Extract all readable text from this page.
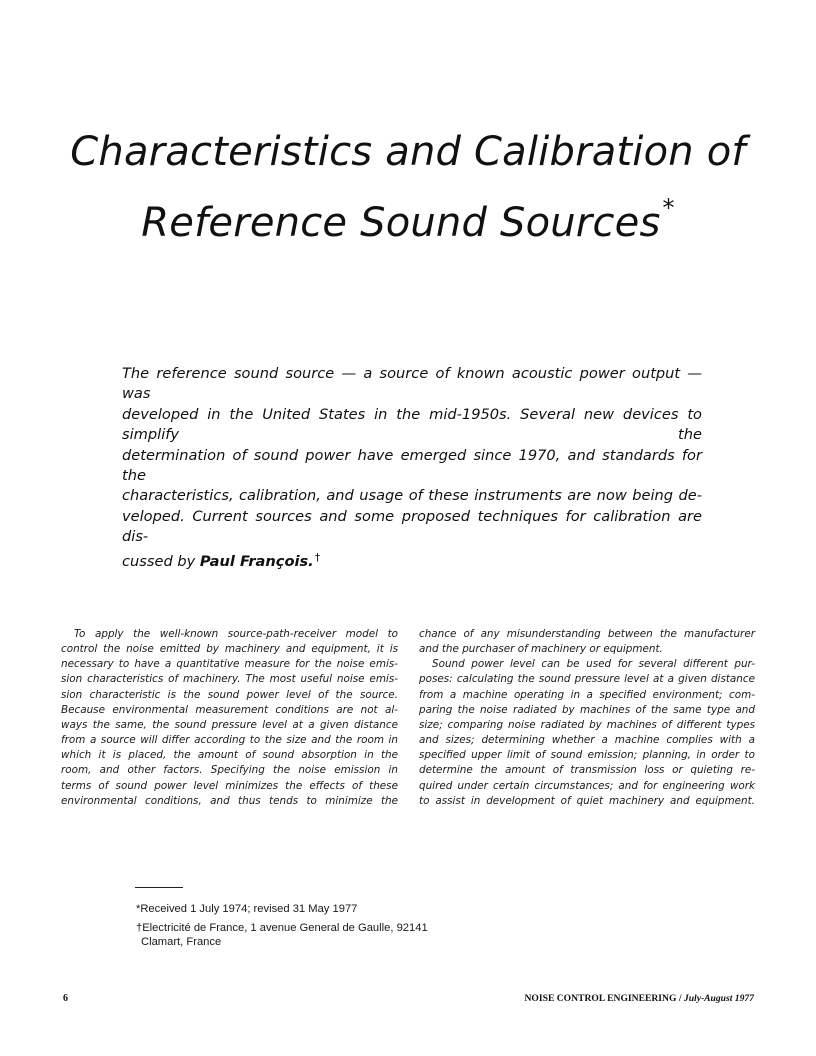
Characteristics and Calibration of
Reference Sound Sources*
The reference sound source — a source of known acoustic power output — was
developed in the United States in the mid-1950s. Several new devices to simplify the
determination of sound power have emerged since 1970, and standards for the
characteristics, calibration, and usage of these instruments are now being de-
veloped. Current sources and some proposed techniques for calibration are dis-
cussed by Paul François.†
To apply the well-known source-path-receiver model to
control the noise emitted by machinery and equipment, it is
necessary to have a quantitative measure for the noise emis-
sion characteristics of machinery. The most useful noise emis-
sion characteristic is the sound power level of the source.
Because environmental measurement conditions are not al-
ways the same, the sound pressure level at a given distance
from a source will differ according to the size and the room in
which it is placed, the amount of sound absorption in the
room, and other factors. Specifying the noise emission in
terms of sound power level minimizes the effects of these
environmental conditions, and thus tends to minimize the
chance of any misunderstanding between the manufacturer
and the purchaser of machinery or equipment.
Sound power level can be used for several different pur-
poses: calculating the sound pressure level at a given distance
from a machine operating in a specified environment; com-
paring the noise radiated by machines of the same type and
size; comparing noise radiated by machines of different types
and sizes; determining whether a machine complies with a
specified upper limit of sound emission; planning, in order to
determine the amount of transmission loss or quieting re-
quired under certain circumstances; and for engineering work
to assist in development of quiet machinery and equipment.
*Received 1 July 1974; revised 31 May 1977
†Electricité de France, 1 avenue General de Gaulle, 92141
Clamart, France
6	NOISE CONTROL ENGINEERING / July-August 1977
